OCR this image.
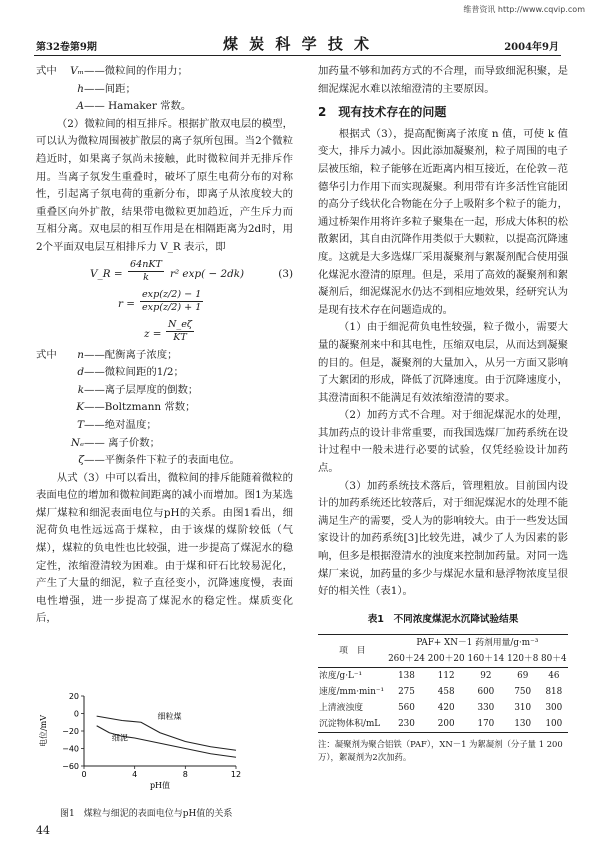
维普资讯 http://www.cqvip.com
第32卷第9期	煤 炭 科 学 技 术	2004年9月
式中	Vₘ ——微粒间的作用力；
h ——间距；
A —— Hamaker 常数。

（2）微粒间的相互排斥。根据扩散双电层的模型，可以认为微粒周围被扩散层的离子氛所包围。当2个微粒趋近时，如果离子氛尚未接触，此时微粒间并无排斥作用。当离子氛发生重叠时，破坏了原生电荷分布的对称性，引起离子氛电荷的重新分布，即离子从浓度较大的重叠区向外扩散，结果带电微粒更加趋近，产生斥力而互相分离。双电层的相互作用是在相隔距离为2d时，用2个平面双电层互相排斥力 V_R 表示，即

V_R =
64nKT
k	r² exp( − 2dk)	(3)
$r = \frac{\exp(z/2) - 1}{\exp(z/2) + 1}$
$z = \frac{N\_e\zeta}{KT}$
式中	n ——配衡离子浓度；
d ——微粒间距的1/2；
k ——离子层厚度的倒数；
K ——Boltzmann 常数；
T ——绝对温度；
Nₑ —— 离子价数；
ζ ——平衡条件下粒子的表面电位。

从式（3）中可以看出，微粒间的排斥能随着微粒的表面电位的增加和微粒间距离的减小而增加。图1为某选煤厂煤粒和细泥表面电位与pH的关系。由图1看出，细泥荷负电性远远高于煤粒，由于该煤的煤阶较低（气煤），煤粒的负电性也比较强，进一步提高了煤泥水的稳定性，浓缩澄清较为困难。由于煤和矸石比较易泥化，产生了大量的细泥，粒子直径变小，沉降速度慢，表面电性增强，进一步提高了煤泥水的稳定性。煤质变化后，

20
0
−20
−40
−60
0	4	8	12
pH值
电位/mV	细粒煤
细泥
图1　煤粒与细泥的表面电位与pH值的关系

加药量不够和加药方式的不合理，而导致细泥积聚，是细泥煤泥水难以浓缩澄清的主要原因。

2　现有技术存在的问题

根据式（3），提高配衡离子浓度 n 值，可使 k 值变大，排斥力减小。因此添加凝聚剂，粒子周围的电子层被压缩，粒子能够在近距离内相互接近，在伦敦－范德华引力作用下而实现凝聚。利用带有许多活性官能团的高分子线状化合物能在分子上吸附多个粒子的能力，通过桥架作用将许多粒子聚集在一起，形成大体积的松散絮团，其自由沉降作用类似于大颗粒，以提高沉降速度。这就是大多选煤厂采用凝聚剂与絮凝剂配合使用强化煤泥水澄清的原理。但是，采用了高效的凝聚剂和絮凝剂后，细泥煤泥水仍达不到相应地效果，经研究认为是现有技术存在问题造成的。

（1）由于细泥荷负电性较强，粒子微小，需要大量的凝聚剂来中和其电性，压缩双电层，从而达到凝聚的目的。但是，凝聚剂的大量加入，从另一方面又影响了大絮团的形成，降低了沉降速度。由于沉降速度小，其澄清面积不能满足有效浓缩澄清的要求。

（2）加药方式不合理。对于细泥煤泥水的处理，其加药点的设计非常重要，而我国选煤厂加药系统在设计过程中一般未进行必要的试验，仅凭经验设计加药点。

（3）加药系统技术落后，管理粗放。目前国内设计的加药系统还比较落后，对于细泥煤泥水的处理不能满足生产的需要，受人为的影响较大。由于一些发达国家设计的加药系统[3]比较先进，减少了人为因素的影响，但多是根据澄清水的浊度来控制加药量。对同一选煤厂来说，加药量的多少与煤泥水量和悬浮物浓度呈很好的相关性（表1）。

表1　不同浓度煤泥水沉降试验结果
项　目	PAF+ XN－1 药剂用量/g·m⁻³				
	260＋24	200＋20	160＋14	120＋8	80＋4
浓度/g·L⁻¹	138	112	92	69	46
速度/mm·min⁻¹	275	458	600	750	818
上清液浊度	560	420	330	310	300
沉淀物体积/mL	230	200	170	130	100
注：凝聚剂为聚合铝铁（PAF），XN－1 为絮凝剂（分子量 1 200万），絮凝剂为2次加药。
44
